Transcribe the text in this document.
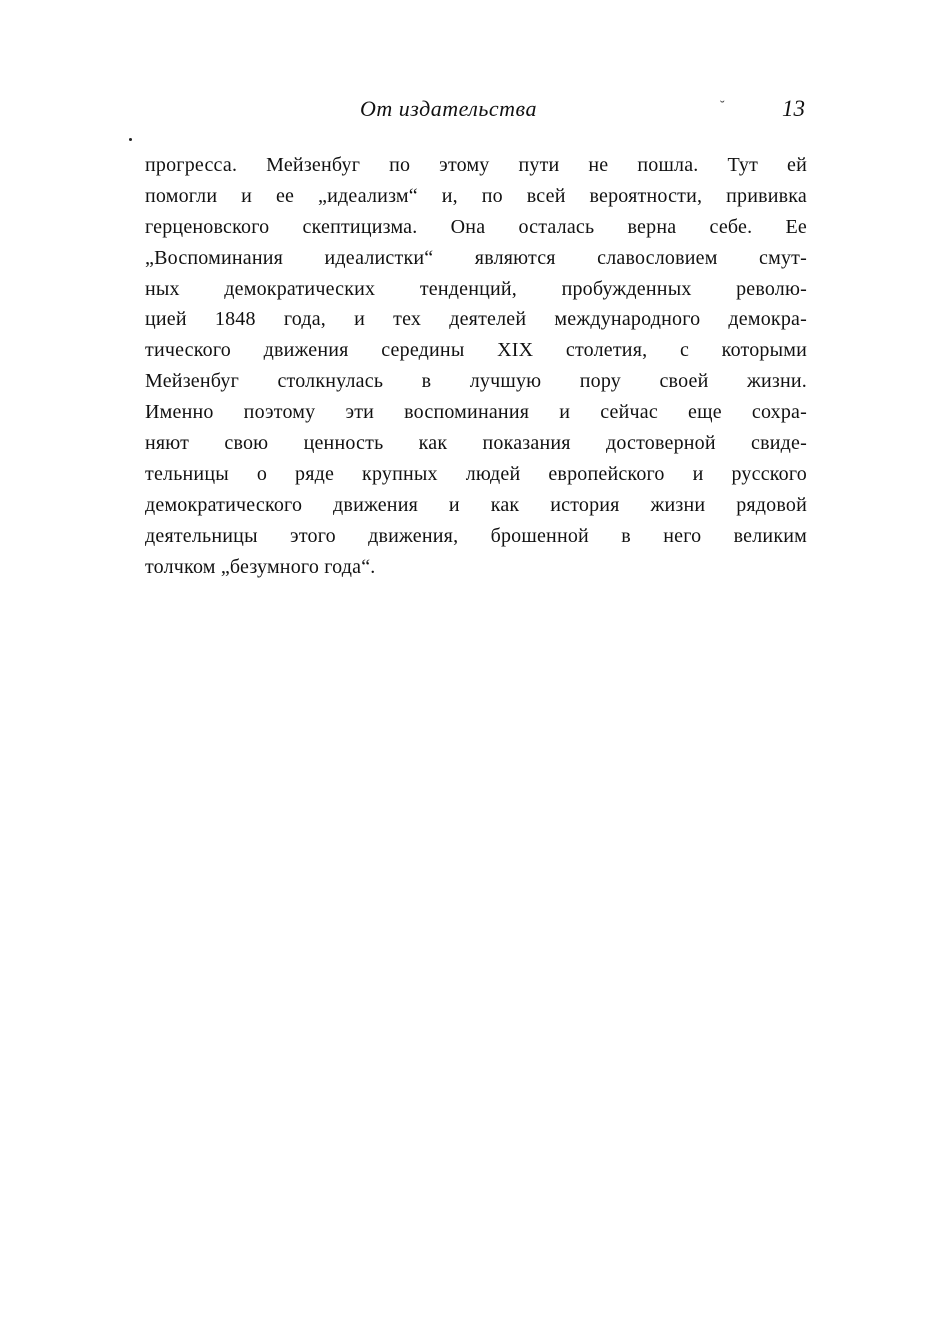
От издательства	˘ 13
прогресса. Мейзенбуг по этому пути не пошла. Тут ей
помогли и ее „идеализм“ и, по всей вероятности, прививка
герценовского скептицизма. Она осталась верна себе. Ее
„Воспоминания идеалистки“ являются славословием смут-
ных демократических тенденций, пробужденных револю-
цией 1848 года, и тех деятелей международного демокра-
тического движения середины XIX столетия, с которыми
Мейзенбуг столкнулась в лучшую пору своей жизни.
Именно поэтому эти воспоминания и сейчас еще сохра-
няют свою ценность как показания достоверной свиде-
тельницы о ряде крупных людей европейского и русского
демократического движения и как история жизни рядовой
деятельницы этого движения, брошенной в него великим
толчком „безумного года“.
